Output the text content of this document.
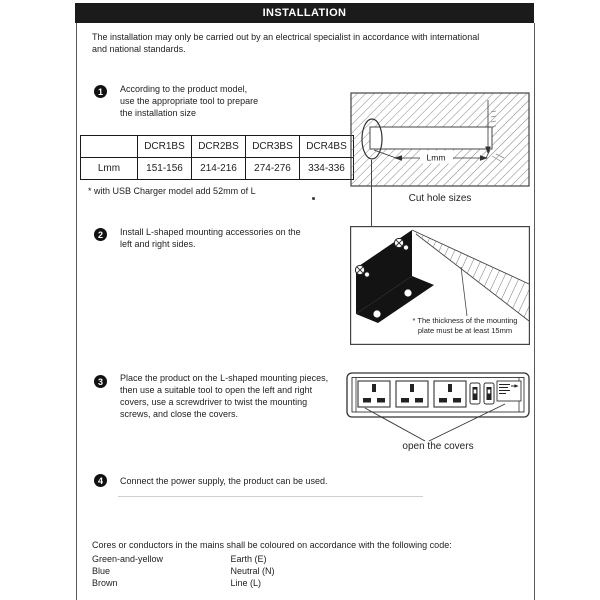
INSTALLATION
The installation may only be carried out by an electrical specialist in accordance with international
and national standards.
1	According to the product model,
use the appropriate tool to prepare
the installation size
	DCR1BS	DCR2BS	DCR3BS	DCR4BS
Lmm	151-156	214-216	274-276	334-336
* with USB Charger model add 52mm of L
Lmm
Cut hole sizes
2	Install L-shaped mounting accessories on the
left and right sides.
* The thickness of the mounting
plate must be at least 15mm
3	Place the product on the L-shaped mounting pieces,
then use a suitable tool to open the left and right
covers, use a screwdriver to twist the mounting
screws, and close the covers.
open the covers
4	Connect the power supply, the product can be used.
Cores or conductors in the mains shall be coloured on accordance with the following code:
Green-and-yellow	Earth (E)
Blue	Neutral (N)
Brown	Line (L)
